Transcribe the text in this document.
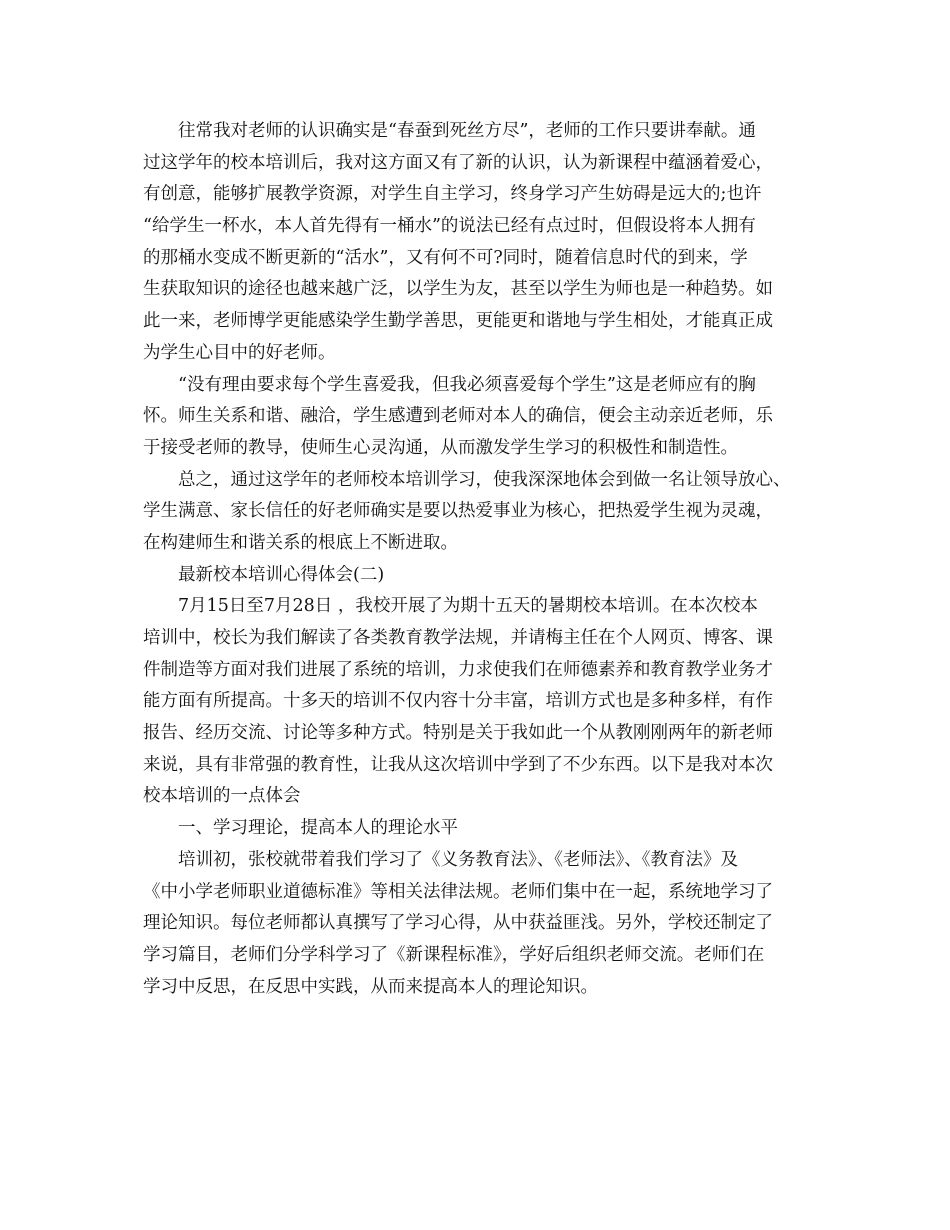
往常我对老师的认识确实是“春蚕到死丝方尽”，老师的工作只要讲奉献。通
过这学年的校本培训后，我对这方面又有了新的认识，认为新课程中蕴涵着爱心，
有创意，能够扩展教学资源，对学生自主学习，终身学习产生妨碍是远大的;也许
“给学生一杯水，本人首先得有一桶水”的说法已经有点过时，但假设将本人拥有
的那桶水变成不断更新的“活水”，又有何不可?同时，随着信息时代的到来，学
生获取知识的途径也越来越广泛，以学生为友，甚至以学生为师也是一种趋势。如
此一来，老师博学更能感染学生勤学善思，更能更和谐地与学生相处，才能真正成
为学生心目中的好老师。
“没有理由要求每个学生喜爱我，但我必须喜爱每个学生”这是老师应有的胸
怀。师生关系和谐、融洽，学生感遭到老师对本人的确信，便会主动亲近老师，乐
于接受老师的教导，使师生心灵沟通，从而激发学生学习的积极性和制造性。
总之，通过这学年的老师校本培训学习，使我深深地体会到做一名让领导放心、
学生满意、家长信任的好老师确实是要以热爱事业为核心，把热爱学生视为灵魂，
在构建师生和谐关系的根底上不断进取。
最新校本培训心得体会(二)
7月15日至7月28日 ，我校开展了为期十五天的暑期校本培训。在本次校本
培训中，校长为我们解读了各类教育教学法规，并请梅主任在个人网页、博客、课
件制造等方面对我们进展了系统的培训，力求使我们在师德素养和教育教学业务才
能方面有所提高。十多天的培训不仅内容十分丰富，培训方式也是多种多样，有作
报告、经历交流、讨论等多种方式。特别是关于我如此一个从教刚刚两年的新老师
来说，具有非常强的教育性，让我从这次培训中学到了不少东西。以下是我对本次
校本培训的一点体会
一、学习理论，提高本人的理论水平
培训初，张校就带着我们学习了《义务教育法》、《老师法》、《教育法》及
《中小学老师职业道德标准》等相关法律法规。老师们集中在一起，系统地学习了
理论知识。每位老师都认真撰写了学习心得，从中获益匪浅。另外，学校还制定了
学习篇目，老师们分学科学习了《新课程标准》，学好后组织老师交流。老师们在
学习中反思，在反思中实践，从而来提高本人的理论知识。
